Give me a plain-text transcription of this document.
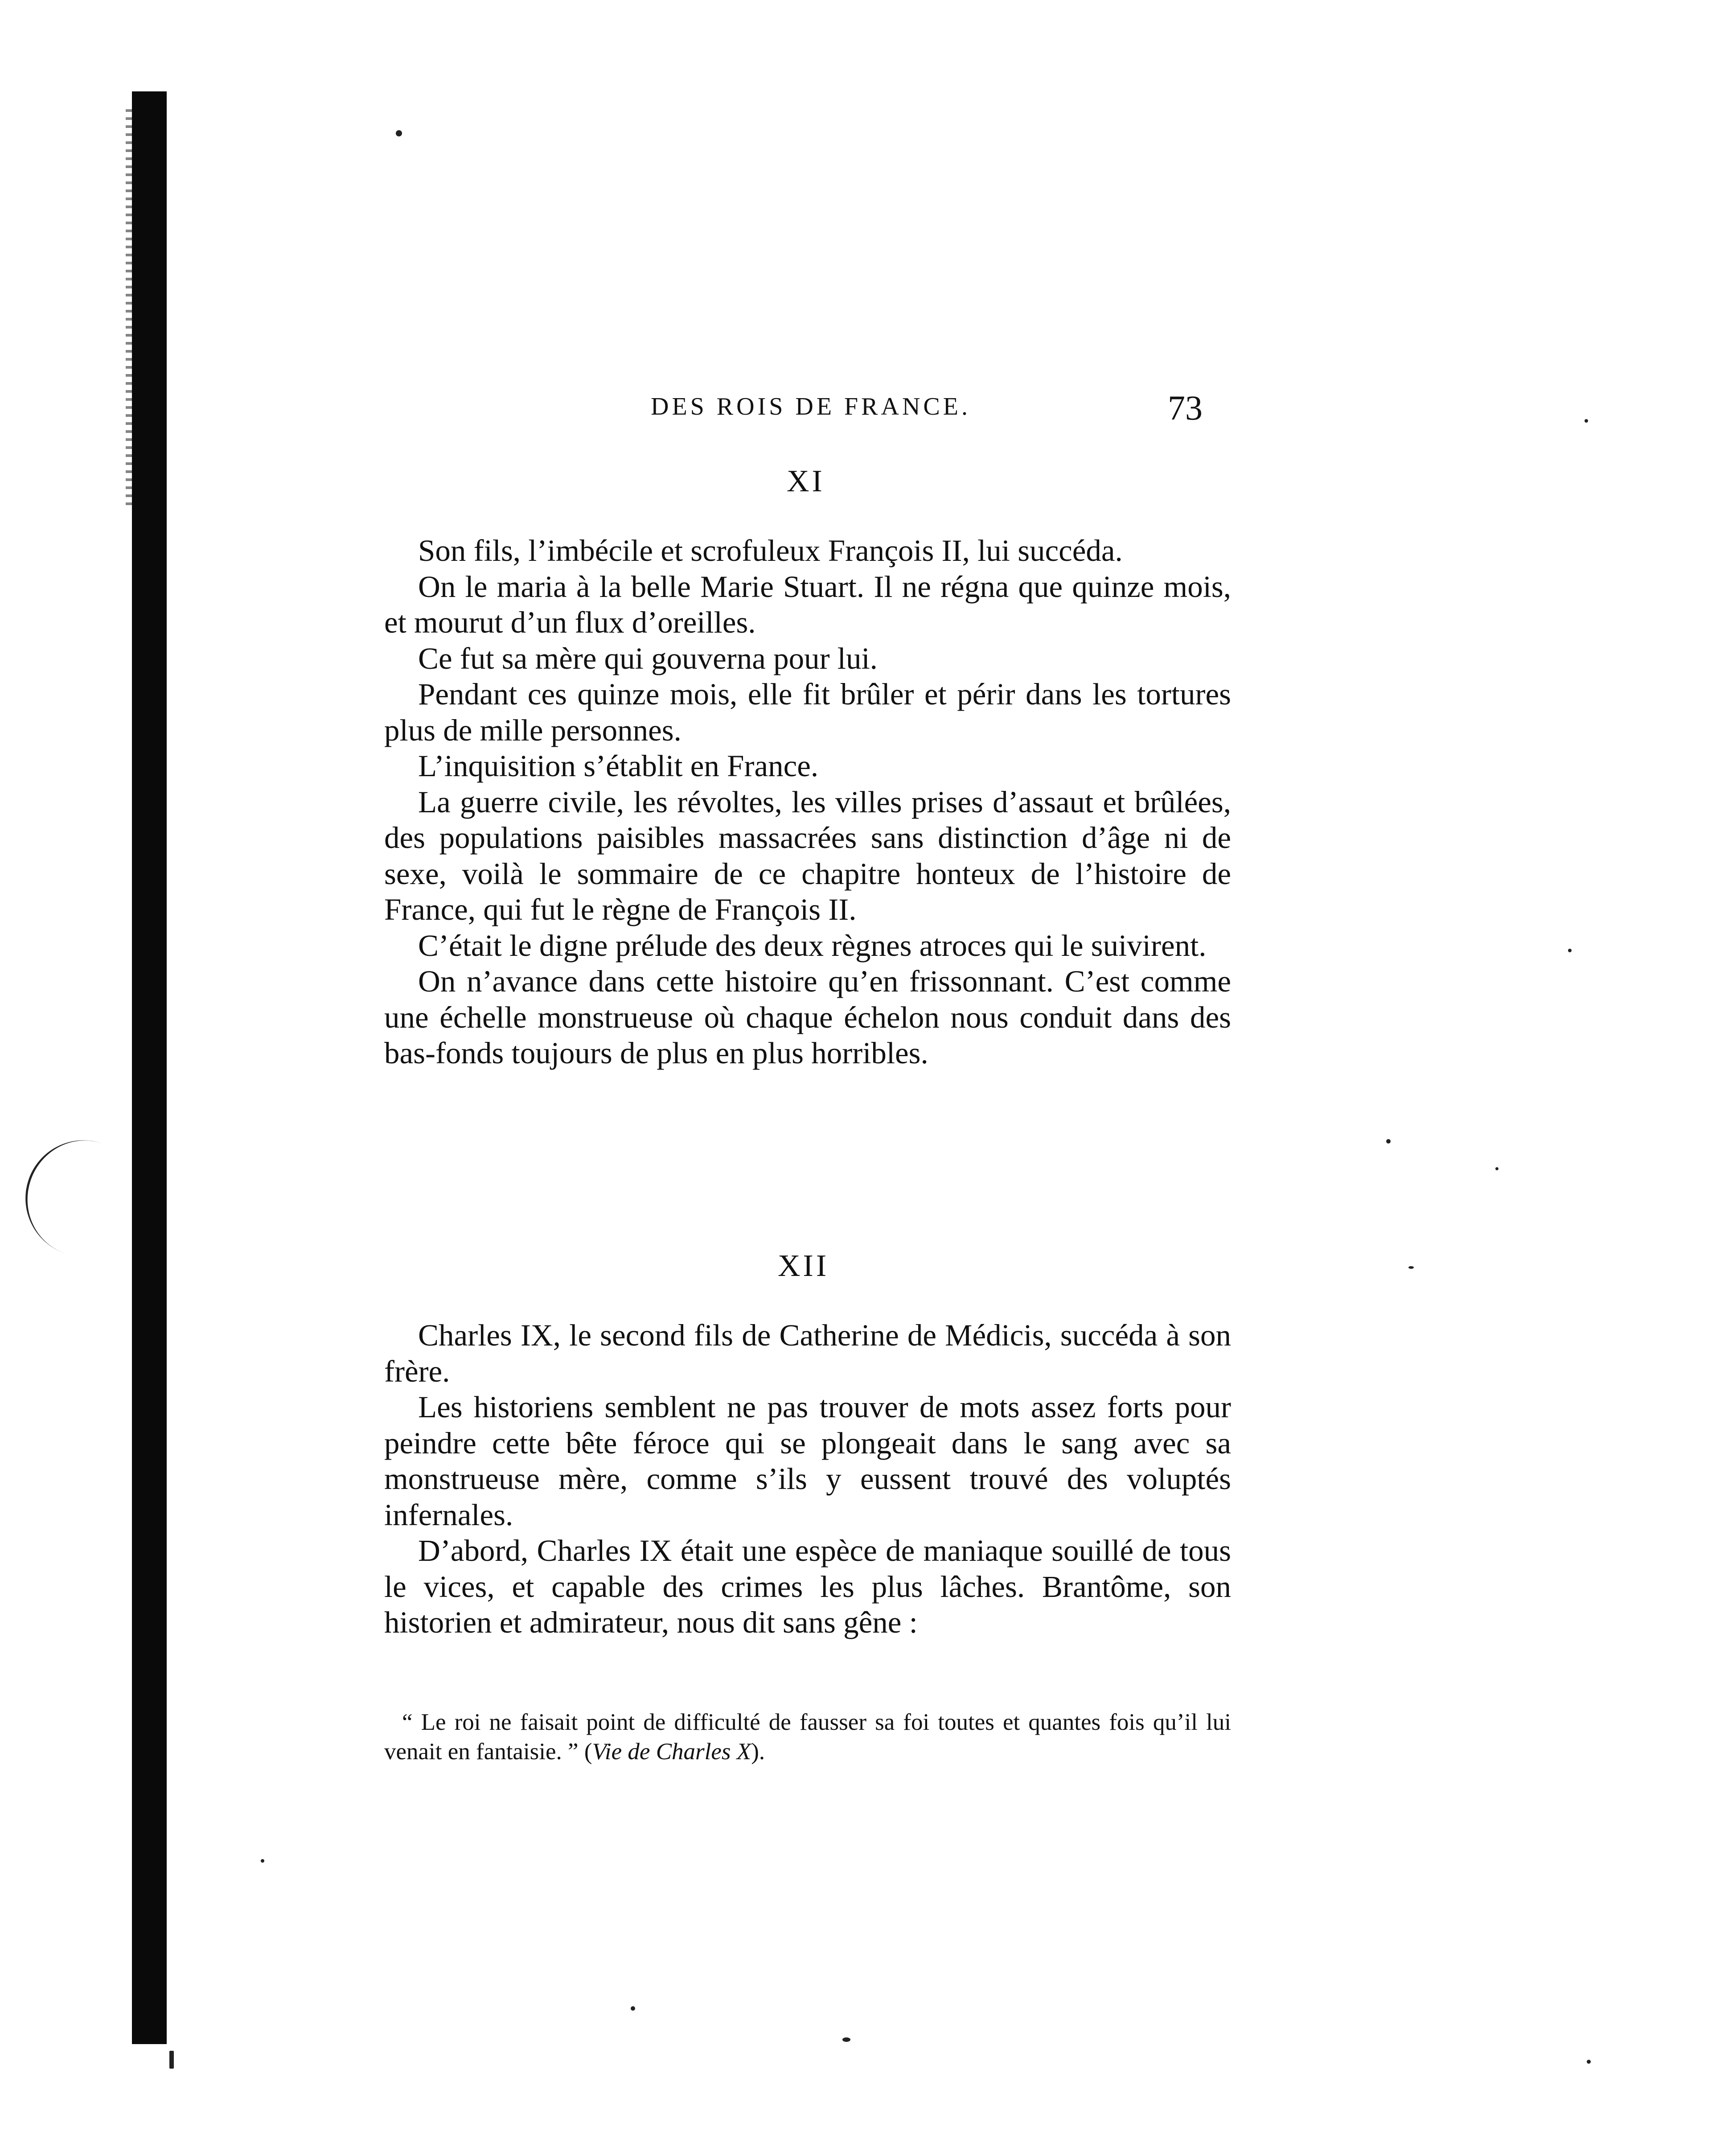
DES ROIS DE FRANCE.	73
XI

Son fils, l’imbécile et scrofuleux François II, lui succéda.

On le maria à la belle Marie Stuart. Il ne régna que quinze mois, et mourut d’un flux d’oreilles.

Ce fut sa mère qui gouverna pour lui.

Pendant ces quinze mois, elle fit brûler et périr dans les tortures plus de mille personnes.

L’inquisition s’établit en France.

La guerre civile, les révoltes, les villes prises d’assaut et brûlées, des populations paisibles massacrées sans distinction d’âge ni de sexe, voilà le sommaire de ce chapitre honteux de l’histoire de France, qui fut le règne de François II.

C’était le digne prélude des deux règnes atroces qui le suivirent.

On n’avance dans cette histoire qu’en frissonnant. C’est comme une échelle monstrueuse où chaque échelon nous conduit dans des bas-fonds toujours de plus en plus horribles.

XII

Charles IX, le second fils de Catherine de Médicis, succéda à son frère.

Les historiens semblent ne pas trouver de mots assez forts pour peindre cette bête féroce qui se plongeait dans le sang avec sa monstrueuse mère, comme s’ils y eussent trouvé des voluptés infernales.

D’abord, Charles IX était une espèce de maniaque souillé de tous le vices, et capable des crimes les plus lâches. Brantôme, son historien et admirateur, nous dit sans gêne :

“ Le roi ne faisait point de difficulté de fausser sa foi toutes et quantes fois qu’il lui venait en fantaisie. ” (Vie de Charles X).
